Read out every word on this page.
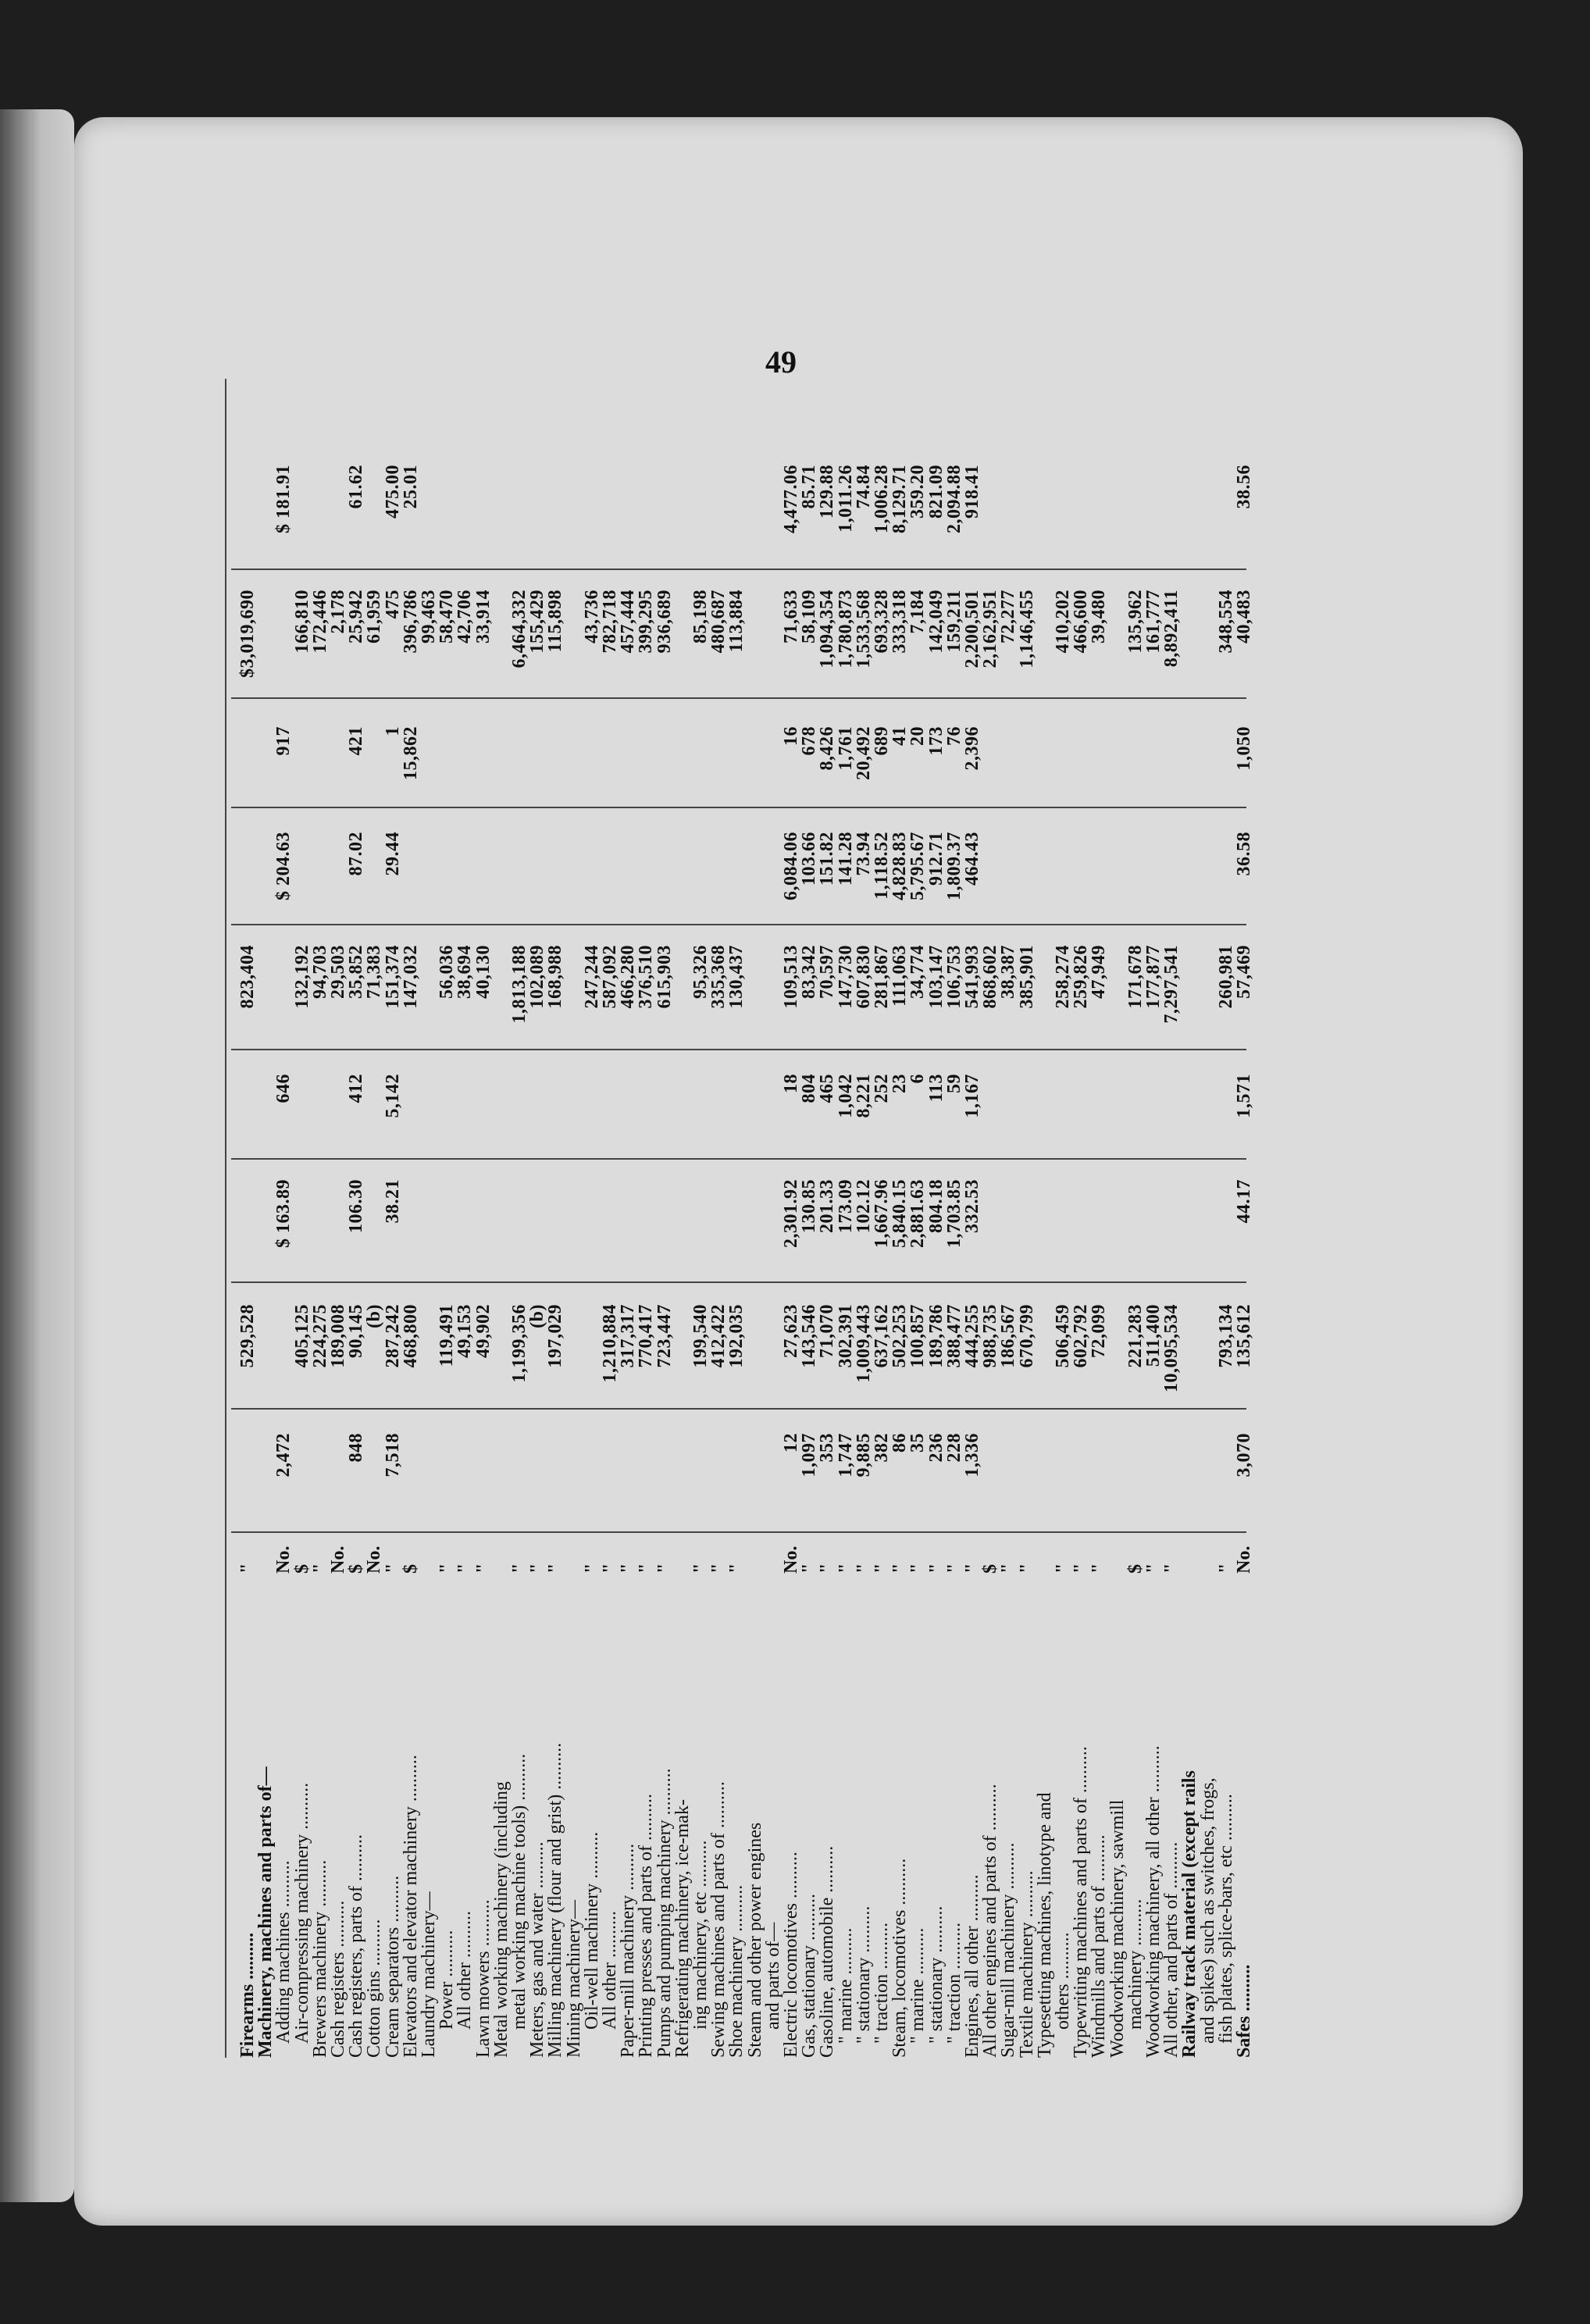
49
Firearms ..........
"
529,528
823,404
$3,019,690
Machinery, machines and parts of—
Adding machines ..........
No.
2,472
$ 163.89
646
$ 204.63
917
$ 181.91
Air-compressing machinery ..........
$
405,125
132,192
166,810
Brewers machinery ..........
"
224,275
94,703
172,446
Cash registers ..........
No.
189,008
29,503
2,178
Cash registers, parts of ..........
$
848
90,145
106.30
412
35,852
87.02
421
25,942
61.62
Cotton gins ..........
No.
(b)
71,383
61,959
Cream separators ..........
"
7,518
287,242
38.21
5,142
151,374
29.44
1
475
475.00
Elevators and elevator machinery ..........
$
468,800
147,032
15,862
396,786
25.01
Laundry machinery—
99,463
Power ..........
"
119,491
56,036
58,470
All other ..........
"
49,153
38,694
42,706
Lawn mowers ..........
"
49,902
40,130
33,914
Metal working machinery (including
metal working machine tools) ..........
"
1,199,356
1,813,188
6,464,332
Meters, gas and water ..........
"
(b)
102,089
155,429
Milling machinery (flour and grist) ..........
"
197,029
168,988
115,898
Mining machinery—
Oil-well machinery ..........
"
247,244
43,736
All other ..........
"
1,210,884
587,092
782,718
Paper-mill machinery ..........
"
317,317
466,280
457,444
Printing presses and parts of ..........
"
770,417
376,510
399,295
Pumps and pumping machinery ..........
"
723,447
615,903
936,689
Refrigerating machinery, ice-mak-
ing machinery, etc ..........
"
199,540
95,326
85,198
Sewing machines and parts of ..........
"
412,422
335,368
480,687
Shoe machinery ..........
"
192,035
130,437
113,884
Steam and other power engines
and parts of—
Electric locomotives ..........
No.
12
27,623
2,301.92
18
109,513
6,084.06
16
71,633
4,477.06
Gas, stationary ..........
"
1,097
143,546
130.85
804
83,342
103.66
678
58,109
85.71
Gasoline, automobile ..........
"
353
71,070
201.33
465
70,597
151.82
8,426
1,094,354
129.88
" marine ..........
"
1,747
302,391
173.09
1,042
147,730
141.28
1,761
1,780,873
1,011.26
" stationary ..........
"
9,885
1,009,443
102.12
8,221
607,830
73.94
20,492
1,533,568
74.84
" traction ..........
"
382
637,162
1,667.96
252
281,867
1,118.52
689
693,328
1,006.28
Steam, locomotives ..........
"
86
502,253
5,840.15
23
111,063
4,828.83
41
333,318
8,129.71
" marine ..........
"
35
100,857
2,881.63
6
34,774
5,795.67
20
7,184
359.20
" stationary ..........
"
236
189,786
804.18
113
103,147
912.71
173
142,049
821.09
" traction ..........
"
228
388,477
1,703.85
59
106,753
1,809.37
76
159,211
2,094.88
Engines, all other ..........
"
1,336
444,255
332.53
1,167
541,993
464.43
2,396
2,200,501
918.41
All other engines and parts of ..........
$
988,735
868,602
2,162,951
Sugar-mill machinery ..........
"
186,567
38,387
72,277
Textile machinery ..........
"
670,799
385,901
1,146,455
Typesetting machines, linotype and
others ..........
"
506,459
258,274
410,202
Typewriting machines and parts of ..........
"
602,792
259,826
466,600
Windmills and parts of ..........
"
72,099
47,949
39,480
Woodworking machinery, sawmill
machinery ..........
$
221,283
171,678
135,962
Woodworking machinery, all other ..........
"
511,400
177,877
161,777
All other, and parts of ..........
"
10,095,534
7,297,541
8,892,411
Railway track material (except rails
and spikes) such as switches, frogs,
fish plates, splice-bars, etc ..........
"
793,134
260,981
348,554
Safes ..........
No.
3,070
135,612
44.17
1,571
57,469
36.58
1,050
40,483
38.56
